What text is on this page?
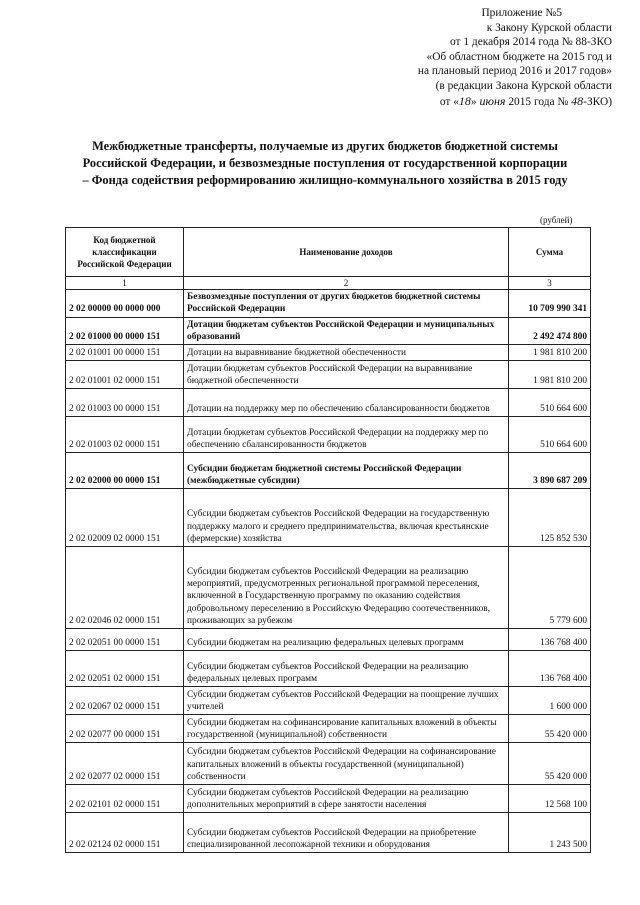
Приложение №5
к Закону Курской области
от 1 декабря 2014 года № 88-ЗКО
«Об областном бюджете на 2015 год и
на плановый период 2016 и 2017 годов»
(в редакции Закона Курской области
от «18» июня 2015 года № 48-ЗКО)
Межбюджетные трансферты, получаемые из других бюджетов бюджетной системы Российской Федерации, и безвозмездные поступления от государственной корпорации – Фонда содействия реформированию жилищно-коммунального хозяйства в 2015 году
(рублей)
Код бюджетной классификации Российской Федерации	Наименование доходов	Сумма
1	2	3
2 02 00000 00 0000 000	Безвозмездные поступления от других бюджетов бюджетной системы Российской Федерации	10 709 990 341
2 02 01000 00 0000 151	Дотации бюджетам субъектов Российской Федерации и муниципальных образований	2 492 474 800
2 02 01001 00 0000 151	Дотации на выравнивание бюджетной обеспеченности	1 981 810 200
2 02 01001 02 0000 151	Дотации бюджетам субъектов Российской Федерации на выравнивание бюджетной обеспеченности	1 981 810 200
2 02 01003 00 0000 151	Дотации на поддержку мер по обеспечению сбалансированности бюджетов	510 664 600
2 02 01003 02 0000 151	Дотации бюджетам субъектов Российской Федерации на поддержку мер по обеспечению сбалансированности бюджетов	510 664 600
2 02 02000 00 0000 151	Субсидии бюджетам бюджетной системы Российской Федерации (межбюджетные субсидии)	3 890 687 209
2 02 02009 02 0000 151	Субсидии бюджетам субъектов Российской Федерации на государственную поддержку малого и среднего предпринимательства, включая крестьянские (фермерские) хозяйства	125 852 530
2 02 02046 02 0000 151	Субсидии бюджетам субъектов Российской Федерации на реализацию мероприятий, предусмотренных региональной программой переселения, включенной в Государственную программу по оказанию содействия добровольному переселению в Российскую Федерацию соотечественников, проживающих за рубежом	5 779 600
2 02 02051 00 0000 151	Субсидии бюджетам на реализацию федеральных целевых программ	136 768 400
2 02 02051 02 0000 151	Субсидии бюджетам субъектов Российской Федерации на реализацию федеральных целевых программ	136 768 400
2 02 02067 02 0000 151	Субсидии бюджетам субъектов Российской Федерации на поощрение лучших учителей	1 600 000
2 02 02077 00 0000 151	Субсидии бюджетам на софинансирование капитальных вложений в объекты государственной (муниципальной) собственности	55 420 000
2 02 02077 02 0000 151	Субсидии бюджетам субъектов Российской Федерации на софинансирование капитальных вложений в объекты государственной (муниципальной) собственности	55 420 000
2 02 02101 02 0000 151	Субсидии бюджетам субъектов Российской Федерации на реализацию дополнительных мероприятий в сфере занятости населения	12 568 100
2 02 02124 02 0000 151	Субсидии бюджетам субъектов Российской Федерации на приобретение специализированной лесопожарной техники и оборудования	1 243 500
